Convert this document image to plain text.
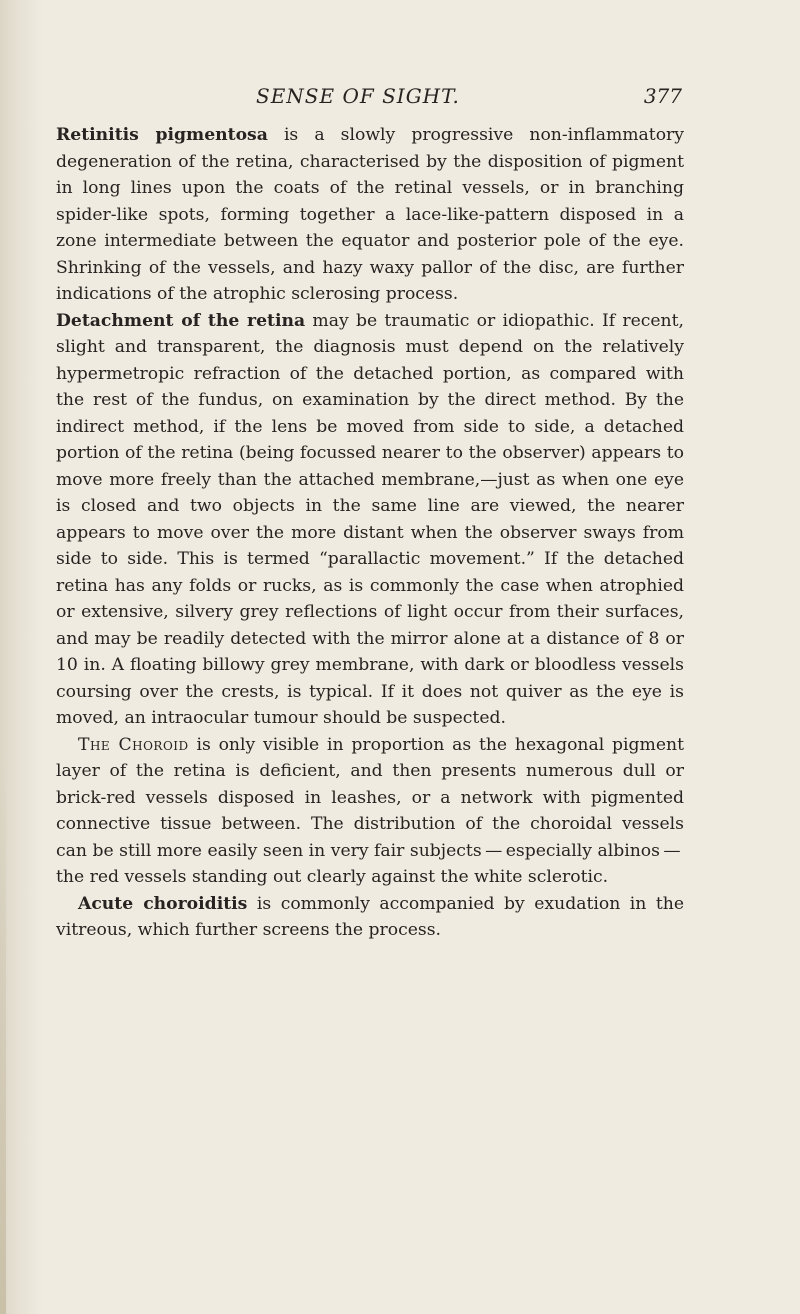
SENSE OF SIGHT.	377

Retinitis pigmentosa is a slowly progressive non-inflammatory degeneration of the retina, characterised by the disposition of pigment in long lines upon the coats of the retinal vessels, or in branching spider-like spots, forming together a lace-like-pattern disposed in a zone intermediate between the equator and posterior pole of the eye. Shrinking of the vessels, and hazy waxy pallor of the disc, are further indications of the atrophic sclerosing process.

Detachment of the retina may be traumatic or idiopathic. If recent, slight and transparent, the diagnosis must depend on the relatively hypermetropic refraction of the detached portion, as compared with the rest of the fundus, on examination by the direct method. By the indirect method, if the lens be moved from side to side, a detached portion of the retina (being focussed nearer to the observer) appears to move more freely than the attached membrane,—just as when one eye is closed and two objects in the same line are viewed, the nearer appears to move over the more distant when the observer sways from side to side. This is termed “parallactic movement.” If the detached retina has any folds or rucks, as is commonly the case when atrophied or extensive, silvery grey reflections of light occur from their surfaces, and may be readily detected with the mirror alone at a distance of 8 or 10 in. A floating billowy grey membrane, with dark or bloodless vessels coursing over the crests, is typical. If it does not quiver as the eye is moved, an intraocular tumour should be suspected.

The Choroid is only visible in proportion as the hexagonal pigment layer of the retina is deficient, and then presents numerous dull or brick-red vessels disposed in leashes, or a network with pigmented connective tissue between. The distribution of the choroidal vessels can be still more easily seen in very fair subjects — especially albinos — the red vessels standing out clearly against the white sclerotic.

Acute choroiditis is commonly accompanied by exudation in the vitreous, which further screens the process.
